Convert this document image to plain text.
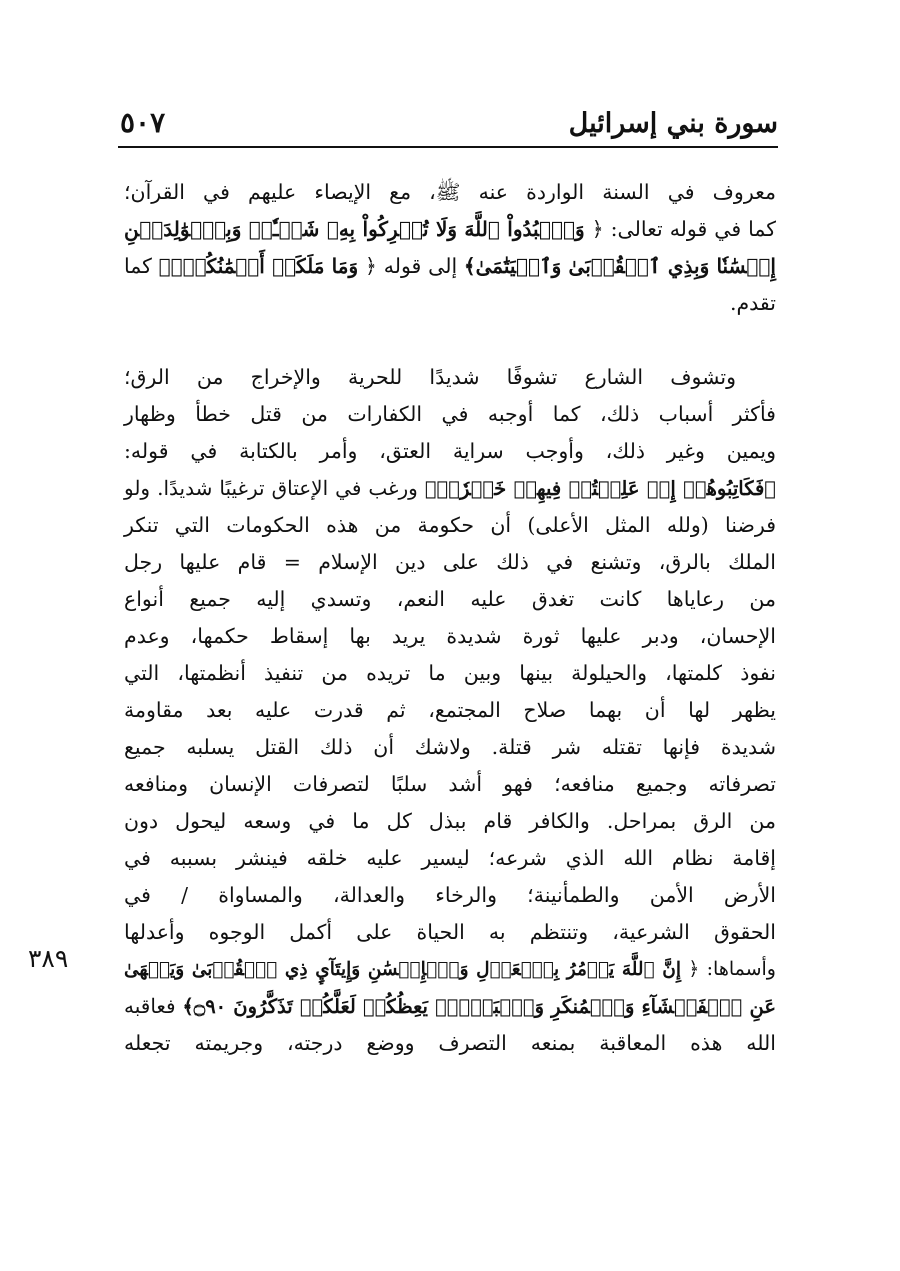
سورة بني إسرائيل
٥٠٧
٣٨٩
معروف في السنة الواردة عنه ﷺ، مع الإيصاء عليهم في القرآن؛
كما في قوله تعالى: ﴿ وَٱعۡبُدُواْ ٱللَّهَ وَلَا تُشۡرِكُواْ بِهِۦ شَيۡـٔٗاۖ وَبِٱلۡوَٰلِدَيۡنِ
إِحۡسَٰنٗا وَبِذِي ٱلۡقُرۡبَىٰ وَٱلۡيَتَٰمَىٰ﴾ إلى قوله ﴿ وَمَا مَلَكَتۡ أَيۡمَٰنُكُمۡۗ﴾ كما
تقدم.
وتشوف الشارع تشوفًا شديدًا للحرية والإخراج من الرق؛
فأكثر أسباب ذلك، كما أوجبه في الكفارات من قتل خطأ وظهار
ويمين وغير ذلك، وأوجب سراية العتق، وأمر بالكتابة في قوله:
﴿فَكَاتِبُوهُمۡ إِنۡ عَلِمۡتُمۡ فِيهِمۡ خَيۡرٗاۖ﴾ ورغب في الإعتاق ترغيبًا شديدًا. ولو
فرضنا (ولله المثل الأعلى) أن حكومة من هذه الحكومات التي تنكر
الملك بالرق، وتشنع في ذلك على دين الإسلام = قام عليها رجل
من رعاياها كانت تغدق عليه النعم، وتسدي إليه جميع أنواع
الإحسان، ودبر عليها ثورة شديدة يريد بها إسقاط حكمها، وعدم
نفوذ كلمتها، والحيلولة بينها وبين ما تريده من تنفيذ أنظمتها، التي
يظهر لها أن بهما صلاح المجتمع، ثم قدرت عليه بعد مقاومة
شديدة فإنها تقتله شر قتلة. ولاشك أن ذلك القتل يسلبه جميع
تصرفاته وجميع منافعه؛ فهو أشد سلبًا لتصرفات الإنسان ومنافعه
من الرق بمراحل. والكافر قام ببذل كل ما في وسعه ليحول دون
إقامة نظام الله الذي شرعه؛ ليسير عليه خلقه فينشر بسببه في
الأرض الأمن والطمأنينة؛ والرخاء والعدالة، والمساواة / في
الحقوق الشرعية، وتنتظم به الحياة على أكمل الوجوه وأعدلها
وأسماها: ﴿ إِنَّ ٱللَّهَ يَأۡمُرُ بِٱلۡعَدۡلِ وَٱلۡإِحۡسَٰنِ وَإِيتَآيِٕ ذِي ٱلۡقُرۡبَىٰ وَيَنۡهَىٰ
عَنِ ٱلۡفَحۡشَآءِ وَٱلۡمُنكَرِ وَٱلۡبَغۡيِۚ يَعِظُكُمۡ لَعَلَّكُمۡ تَذَكَّرُونَ ۝٩٠﴾ فعاقبه
الله هذه المعاقبة بمنعه التصرف ووضع درجته، وجريمته تجعله
